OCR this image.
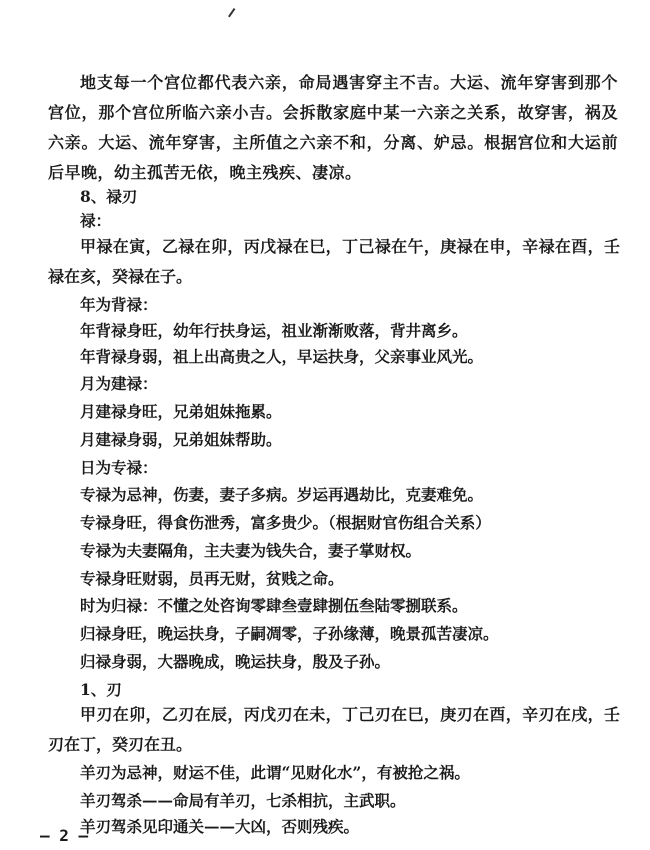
地支每一个宫位都代表六亲，命局遇害穿主不吉。大运、流年穿害到那个宫位，那个宫位所临六亲小吉。会拆散家庭中某一六亲之关系，故穿害，祸及六亲。大运、流年穿害，主所值之六亲不和，分离、妒忌。根据宫位和大运前后早晚，幼主孤苦无依，晚主残疾、凄凉。

8、禄刃

禄：

甲禄在寅，乙禄在卯，丙戊禄在巳，丁己禄在午，庚禄在申，辛禄在酉，壬禄在亥，癸禄在子。

年为背禄：

年背禄身旺，幼年行扶身运，祖业渐渐败落，背井离乡。

年背禄身弱，祖上出高贵之人，早运扶身，父亲事业风光。

月为建禄：

月建禄身旺，兄弟姐妹拖累。

月建禄身弱，兄弟姐妹帮助。

日为专禄：

专禄为忌神，伤妻，妻子多病。岁运再遇劫比，克妻难免。

专禄身旺，得食伤泄秀，富多贵少。（根据财官伤组合关系）

专禄为夫妻隔角，主夫妻为钱失合，妻子掌财权。

专禄身旺财弱，员再无财，贫贱之命。

时为归禄：不懂之处咨询零肆叁壹肆捌伍叁陆零捌联系。

归禄身旺，晚运扶身，子嗣凋零，子孙缘薄，晚景孤苦凄凉。

归禄身弱，大器晚成，晚运扶身，殷及子孙。

1、刃

甲刃在卯，乙刃在辰，丙戊刃在未，丁己刃在巳，庚刃在酉，辛刃在戌，壬刃在丁，癸刃在丑。

羊刃为忌神，财运不佳，此谓“见财化水”，有被抢之祸。

羊刃驾杀——命局有羊刃，七杀相抗，主武职。

羊刃驾杀见印通关——大凶，否则残疾。

– 2 –
